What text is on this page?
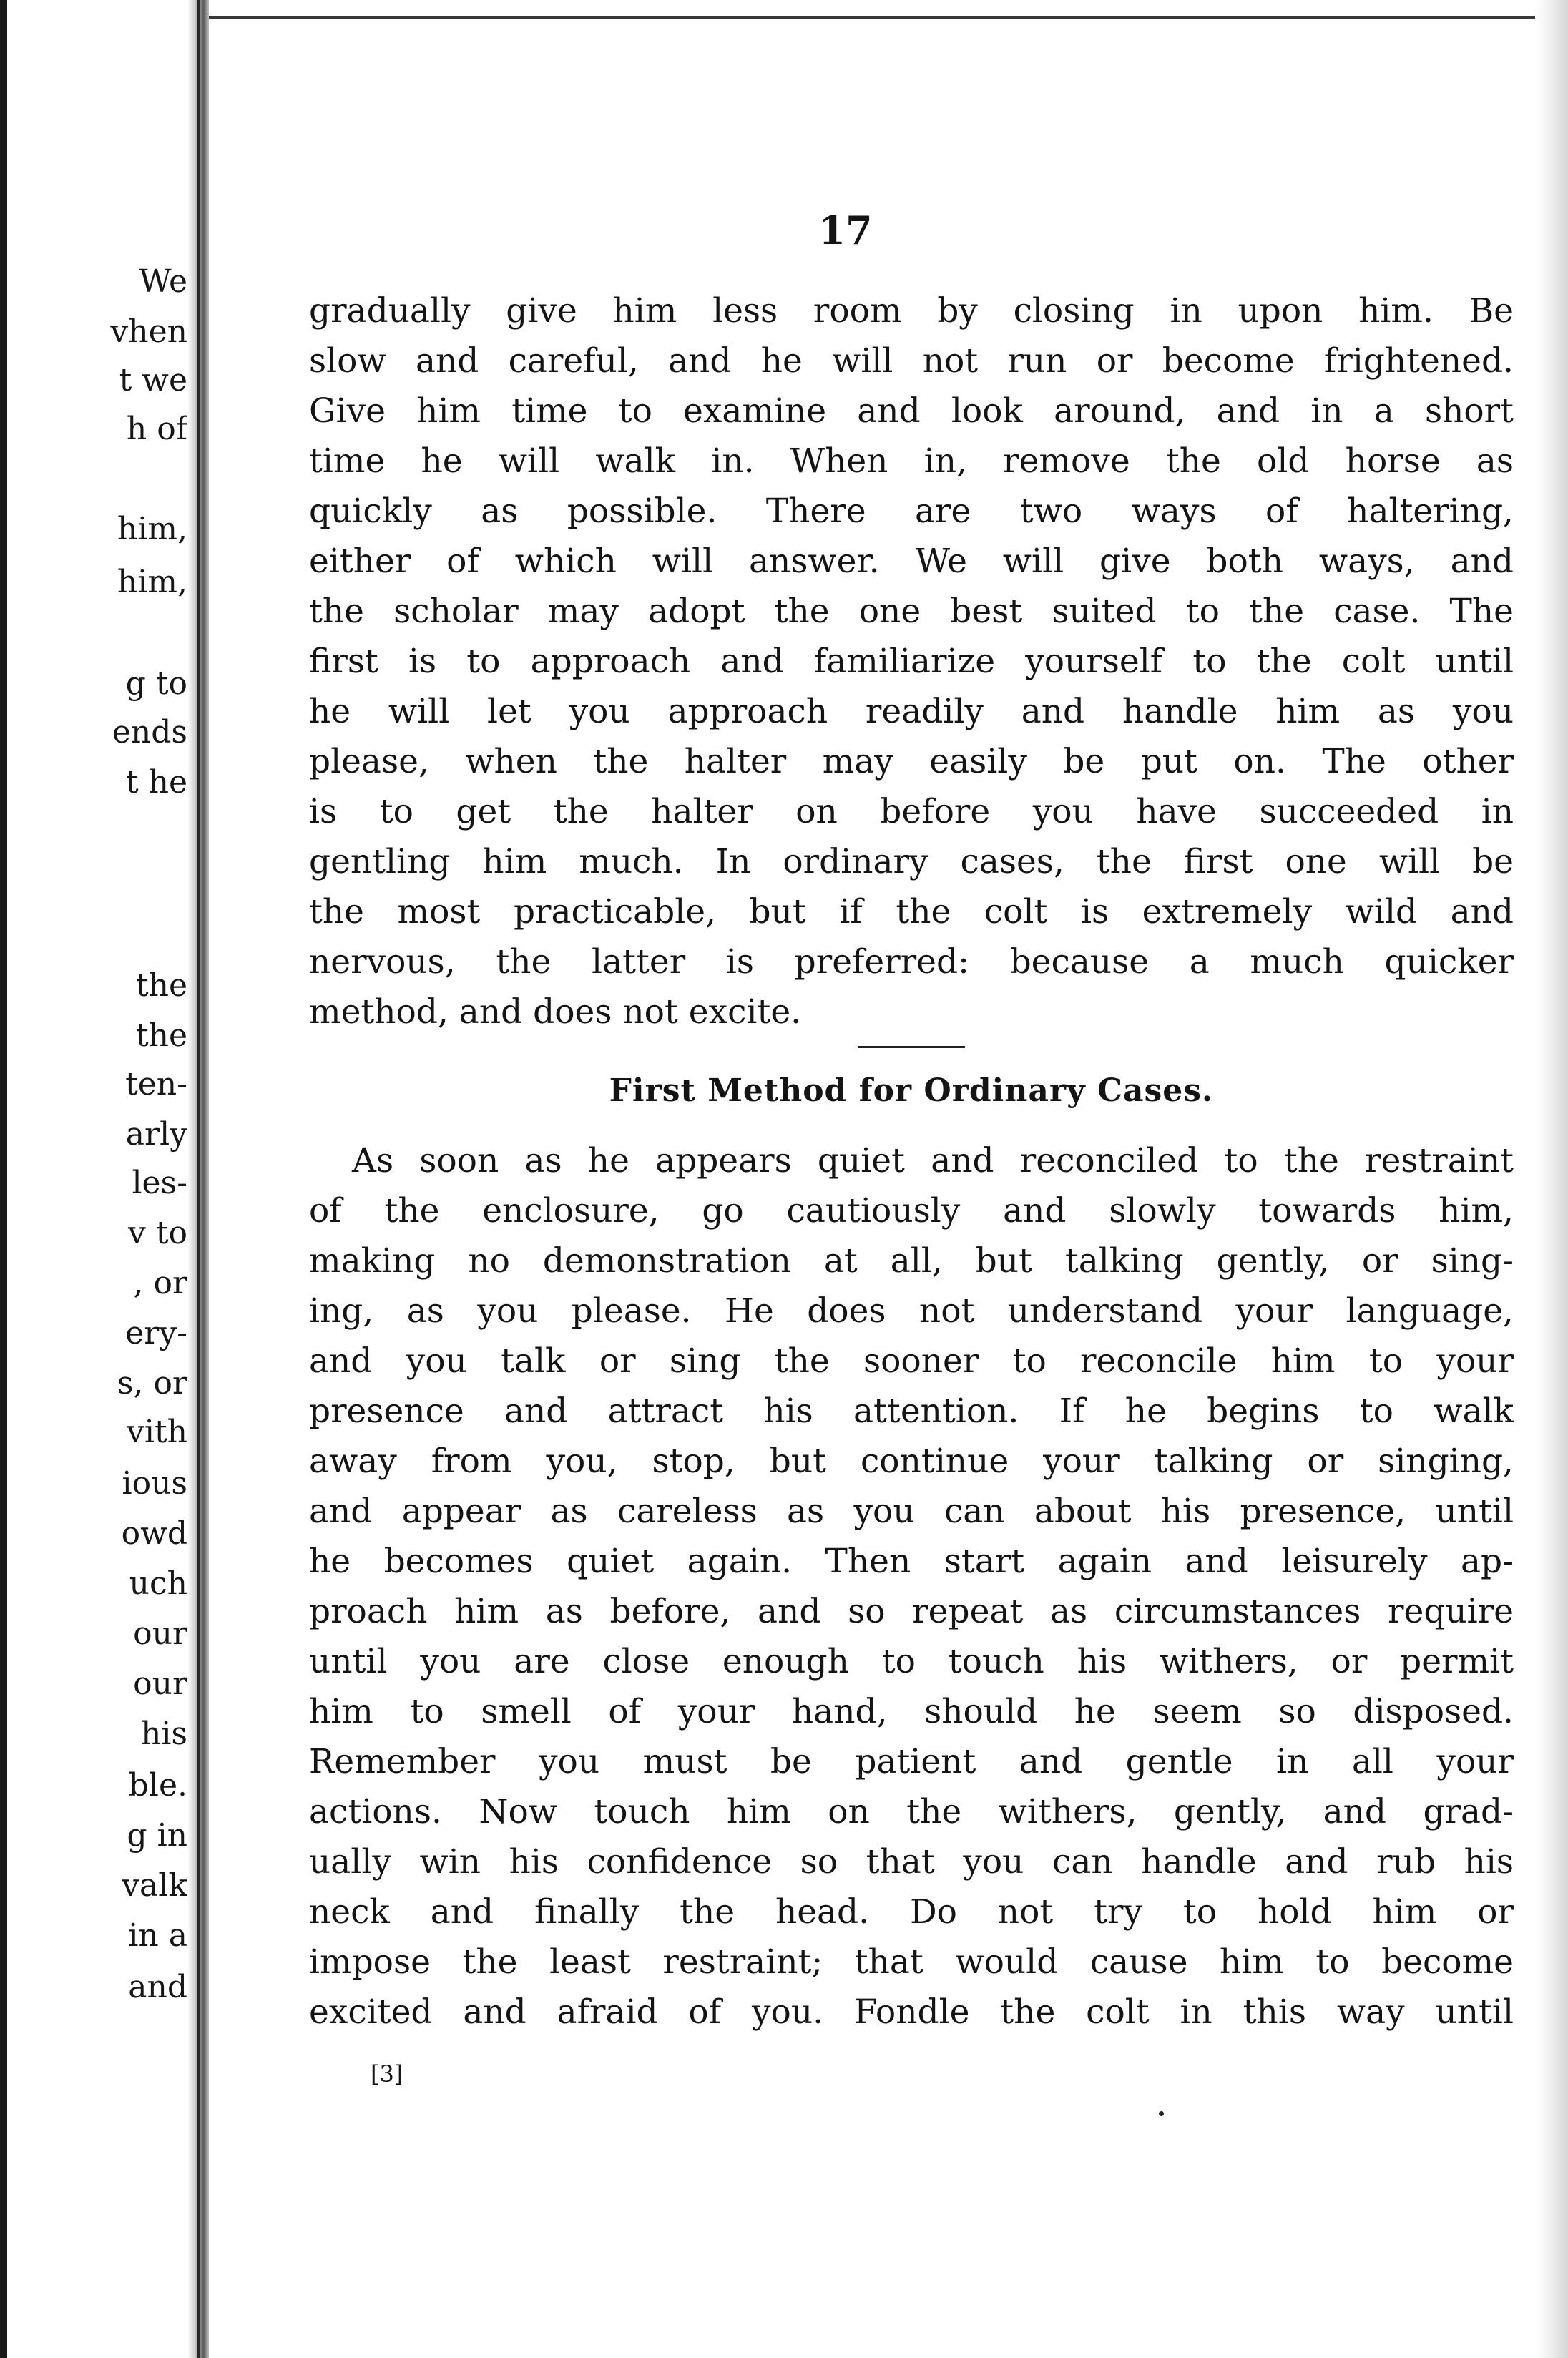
We
vhen
t we
h of
him,
him,
g to
ends
t he
the
the
ten-
arly
les-
v to
, or
ery-
s, or
vith
ious
owd
uch
our
our
his
ble.
g in
valk
in a
and

17

gradually give him less room by closing in upon him. Be
slow and careful, and he will not run or become frightened.
Give him time to examine and look around, and in a short
time he will walk in. When in, remove the old horse as
quickly as possible. There are two ways of haltering,
either of which will answer. We will give both ways, and
the scholar may adopt the one best suited to the case. The
first is to approach and familiarize yourself to the colt until
he will let you approach readily and handle him as you
please, when the halter may easily be put on. The other
is to get the halter on before you have succeeded in
gentling him much. In ordinary cases, the first one will be
the most practicable, but if the colt is extremely wild and
nervous, the latter is preferred: because a much quicker
method, and does not excite.
First Method for Ordinary Cases.
As soon as he appears quiet and reconciled to the restraint
of the enclosure, go cautiously and slowly towards him,
making no demonstration at all, but talking gently, or sing-
ing, as you please. He does not understand your language,
and you talk or sing the sooner to reconcile him to your
presence and attract his attention. If he begins to walk
away from you, stop, but continue your talking or singing,
and appear as careless as you can about his presence, until
he becomes quiet again. Then start again and leisurely ap-
proach him as before, and so repeat as circumstances require
until you are close enough to touch his withers, or permit
him to smell of your hand, should he seem so disposed.
Remember you must be patient and gentle in all your
actions. Now touch him on the withers, gently, and grad-
ually win his confidence so that you can handle and rub his
neck and finally the head. Do not try to hold him or
impose the least restraint; that would cause him to become
excited and afraid of you. Fondle the colt in this way until

[3]
